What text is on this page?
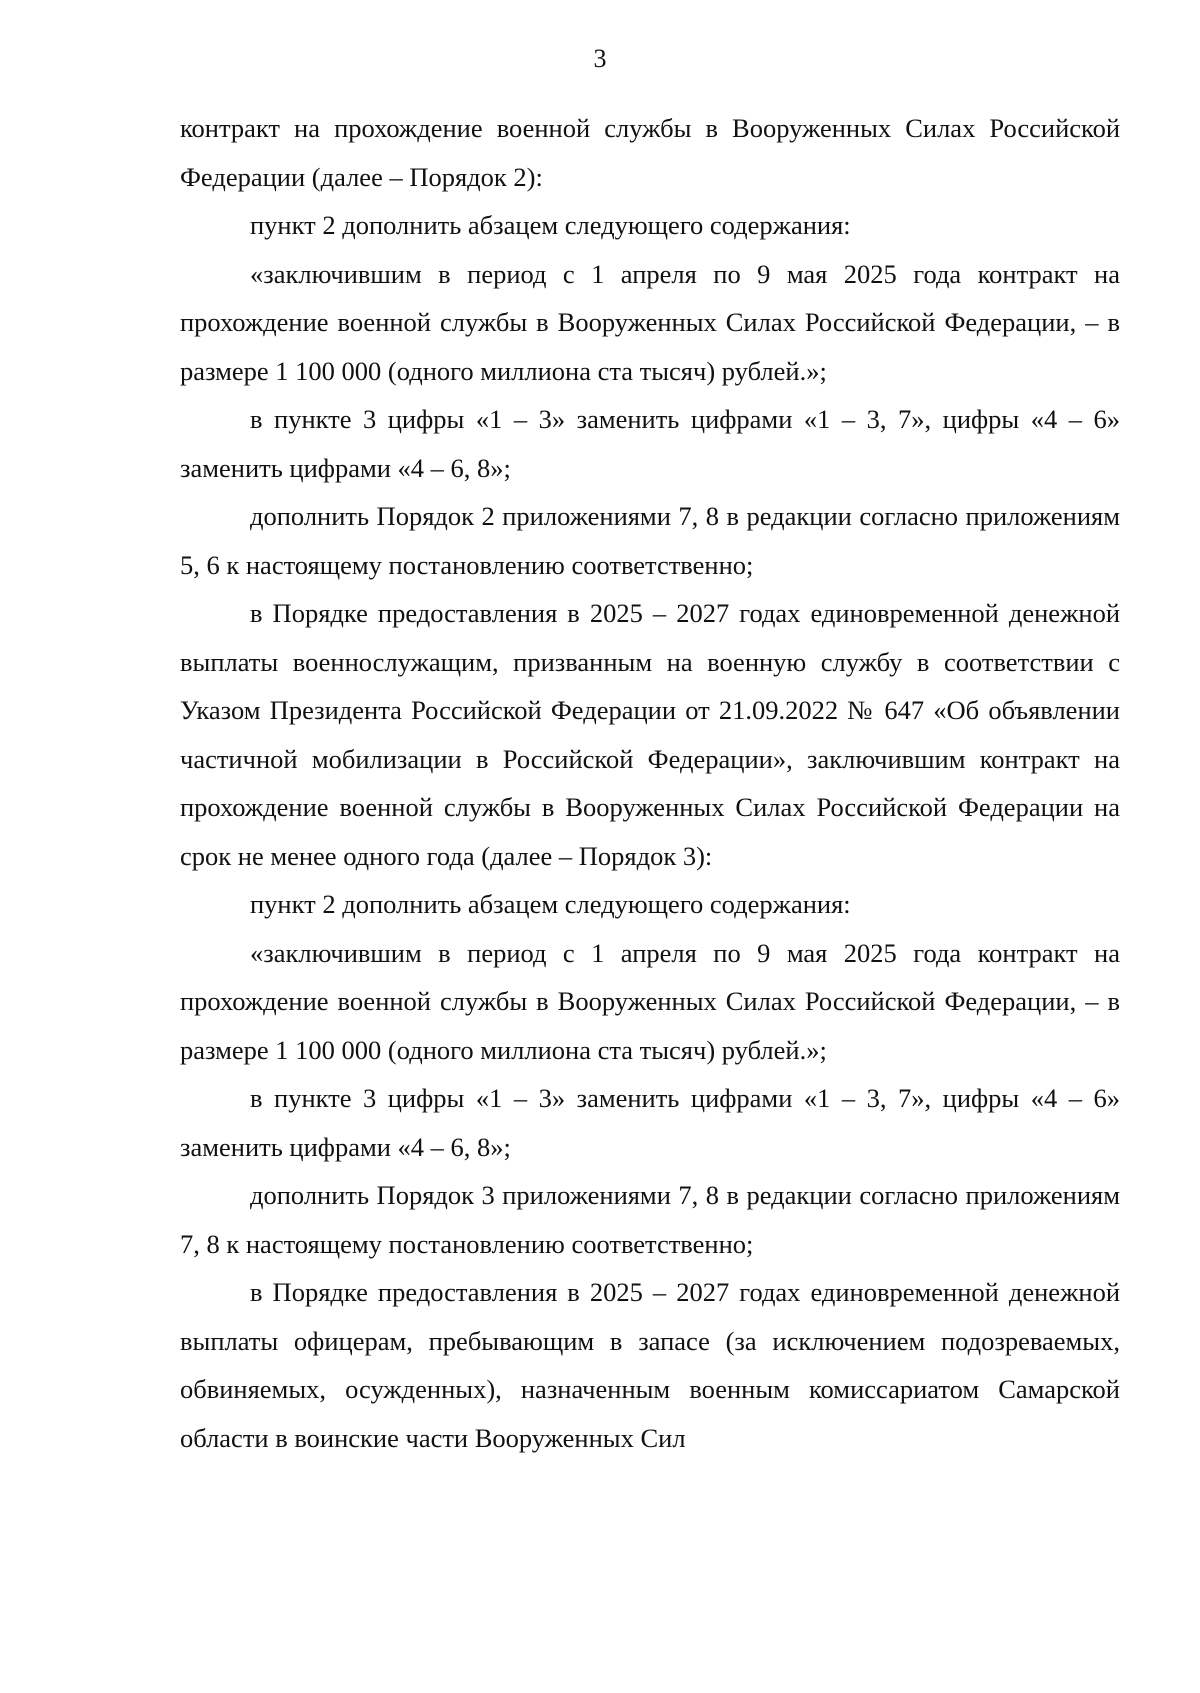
3

контракт на прохождение военной службы в Вооруженных Силах Российской Федерации (далее – Порядок 2):

пункт 2 дополнить абзацем следующего содержания:

«заключившим в период с 1 апреля по 9 мая 2025 года контракт на прохождение военной службы в Вооруженных Силах Российской Федерации, – в размере 1 100 000 (одного миллиона ста тысяч) рублей.»;

в пункте 3 цифры «1 – 3» заменить цифрами «1 – 3, 7», цифры «4 – 6» заменить цифрами «4 – 6, 8»;

дополнить Порядок 2 приложениями 7, 8 в редакции согласно приложениям 5, 6 к настоящему постановлению соответственно;

в Порядке предоставления в 2025 – 2027 годах единовременной денежной выплаты военнослужащим, призванным на военную службу в соответствии с Указом Президента Российской Федерации от 21.09.2022 № 647 «Об объявлении частичной мобилизации в Российской Федерации», заключившим контракт на прохождение военной службы в Вооруженных Силах Российской Федерации на срок не менее одного года (далее – Порядок 3):

пункт 2 дополнить абзацем следующего содержания:

«заключившим в период с 1 апреля по 9 мая 2025 года контракт на прохождение военной службы в Вооруженных Силах Российской Федерации, – в размере 1 100 000 (одного миллиона ста тысяч) рублей.»;

в пункте 3 цифры «1 – 3» заменить цифрами «1 – 3, 7», цифры «4 – 6» заменить цифрами «4 – 6, 8»;

дополнить Порядок 3 приложениями 7, 8 в редакции согласно приложениям 7, 8 к настоящему постановлению соответственно;

в Порядке предоставления в 2025 – 2027 годах единовременной денежной выплаты офицерам, пребывающим в запасе (за исключением подозреваемых, обвиняемых, осужденных), назначенным военным комиссариатом Самарской области в воинские части Вооруженных Сил
